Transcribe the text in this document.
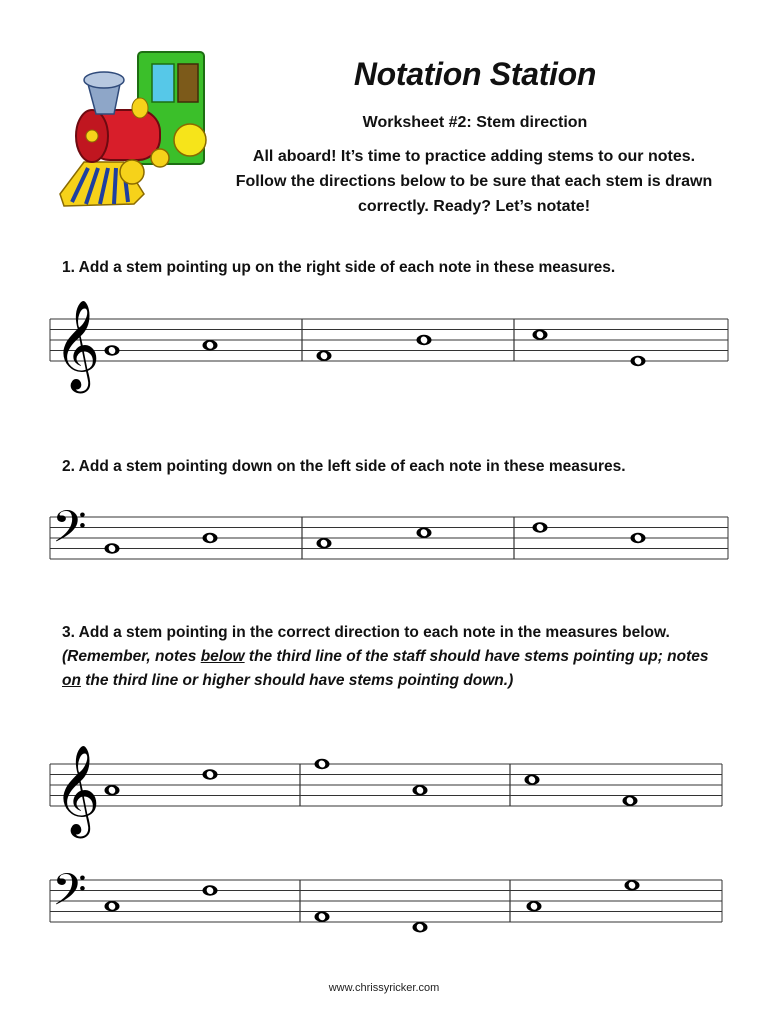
Notation Station
Worksheet #2: Stem direction
All aboard! It’s time to practice adding stems to our notes. Follow the directions below to be sure that each stem is drawn correctly. Ready? Let’s notate!
1. Add a stem pointing up on the right side of each note in these measures.
2. Add a stem pointing down on the left side of each note in these measures.
3. Add a stem pointing in the correct direction to each note in the measures below. (Remember, notes below the third line of the staff should have stems pointing up; notes on the third line or higher should have stems pointing down.)
𝄞
𝄢
𝄞
𝄢
www.chrissyricker.com
